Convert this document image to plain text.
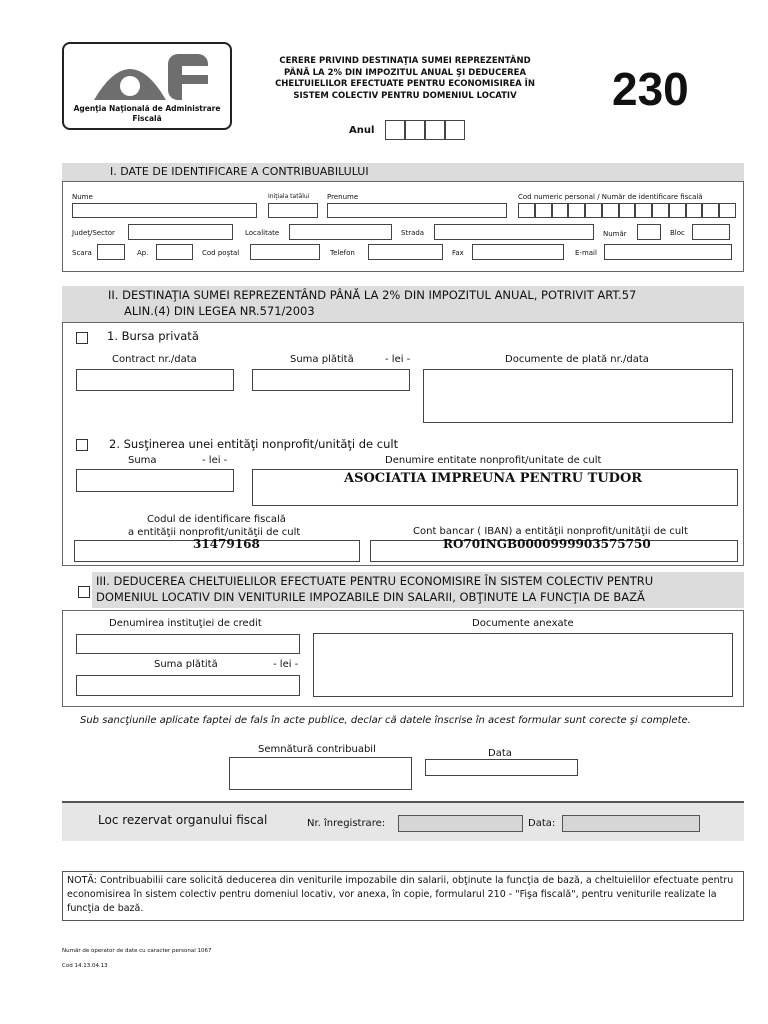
Agenţia Naţională de Administrare
Fiscală
CERERE PRIVIND DESTINAŢIA SUMEI REPREZENTÂND
PÂNĂ LA 2% DIN IMPOZITUL ANUAL ŞI DEDUCEREA
CHELTUIELILOR EFECTUATE PENTRU ECONOMISIREA ÎN
SISTEM COLECTIV PENTRU DOMENIUL LOCATIV	230
Anul
I. DATE DE IDENTIFICARE A CONTRIBUABILULUI
Nume	Iniţiala tatălui	Prenume	Cod numeric personal / Număr de identificare fiscală
Judeţ/Sector	Localitate	Strada	Număr	Bloc
Scara	Ap.	Cod poştal	Telefon	Fax	E-mail
II. DESTINAŢIA SUMEI REPREZENTÂND PÂNĂ LA 2% DIN IMPOZITUL ANUAL, POTRIVIT ART.57
ALIN.(4) DIN LEGEA NR.571/2003
1. Bursa privată
Contract nr./data	Suma plătită	- lei -	Documente de plată nr./data
2. Susţinerea unei entităţi nonprofit/unităţi de cult
Suma	- lei -	Denumire entitate nonprofit/unitate de cult
ASOCIATIA IMPREUNA PENTRU TUDOR
Codul de identificare fiscală
a entităţii nonprofit/unităţii de cult	Cont bancar ( IBAN) a entităţii nonprofit/unităţii de cult
31479168	RO70INGB0000999903575750
III. DEDUCEREA CHELTUIELILOR EFECTUATE PENTRU ECONOMISIRE ÎN SISTEM COLECTIV PENTRU
DOMENIUL LOCATIV DIN VENITURILE IMPOZABILE DIN SALARII, OBŢINUTE LA FUNCŢIA DE BAZĂ
Denumirea instituţiei de credit	Documente anexate
Suma plătită	- lei -
Sub sancţiunile aplicate faptei de fals în acte publice, declar că datele înscrise în acest formular sunt corecte şi complete.
Semnătură contribuabil	Data
Loc rezervat organului fiscal	Nr. înregistrare:	Data:
NOTĂ: Contribuabilii care solicită deducerea din veniturile impozabile din salarii, obţinute la funcţia de bază, a cheltuielilor efectuate pentru economisirea în sistem colectiv pentru domeniul locativ, vor anexa, în copie, formularul 210 - "Fişa fiscală", pentru veniturile realizate la funcţia de bază.
Număr de operator de date cu caracter personal 1067
Cod 14.13.04.13
